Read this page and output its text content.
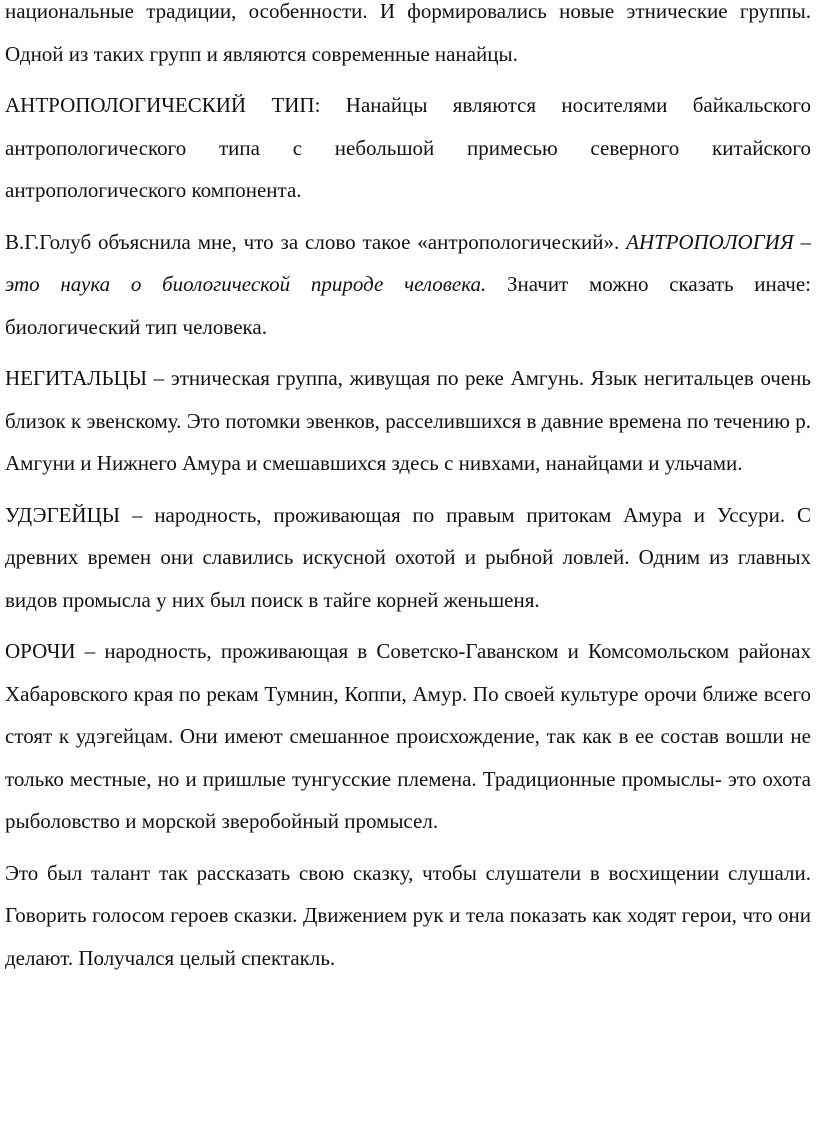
национальные традиции, особенности. И формировались новые этнические группы. Одной из таких групп и являются современные нанайцы.

АНТРОПОЛОГИЧЕСКИЙ ТИП: Нанайцы являются носителями байкальского антропологического типа с небольшой примесью северного китайского антропологического компонента.

В.Г.Голуб объяснила мне, что за слово такое «антропологический». АНТРОПОЛОГИЯ – это наука о биологической природе человека. Значит можно сказать иначе: биологический тип человека.

НЕГИТАЛЬЦЫ – этническая группа, живущая по реке Амгунь. Язык негитальцев очень близок к эвенскому. Это потомки эвенков, расселившихся в давние времена по течению р. Амгуни и Нижнего Амура и смешавшихся здесь с нивхами, нанайцами и ульчами.

УДЭГЕЙЦЫ – народность, проживающая по правым притокам Амура и Уссури. С древних времен они славились искусной охотой и рыбной ловлей. Одним из главных видов промысла у них был поиск в тайге корней женьшеня.

ОРОЧИ – народность, проживающая в Советско-Гаванском и Комсомольском районах Хабаровского края по рекам Тумнин, Коппи, Амур. По своей культуре орочи ближе всего стоят к удэгейцам. Они имеют смешанное происхождение, так как в ее состав вошли не только местные, но и пришлые тунгусские племена. Традиционные промыслы- это охота рыболовство и морской зверобойный промысел.

Это был талант так рассказать свою сказку, чтобы слушатели в восхищении слушали. Говорить голосом героев сказки. Движением рук и тела показать как ходят герои, что они делают. Получался целый спектакль.
